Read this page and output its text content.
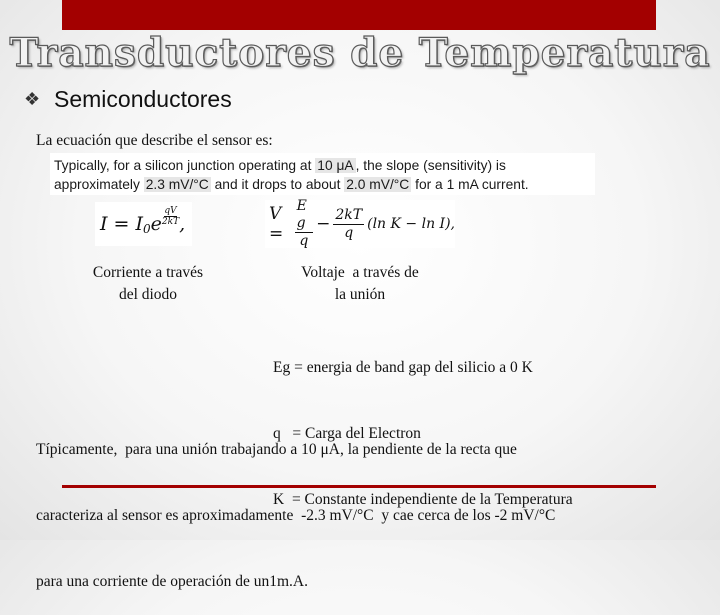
Transductores de Temperatura
❖ Semiconductores
La ecuación que describe el sensor es:
Typically, for a silicon junction operating at 10 μA , the slope (sensitivity) is
approximately 2.3 mV/°C and it drops to about 2.0 mV/°C for a 1 mA current.
I = I 0 e $\frac{qV}{2kT}$ ,	$V = \frac{\text{E g}}{q} - \frac{2kT}{q} (\ln$ K − ln I),
Corriente a través
del diodo
Voltaje  a través de
la unión

Eg = energia de band gap del silicio a 0 K

q   = Carga del Electron

K  = Constante independiente de la Temperatura

Típicamente,  para una unión trabajando a 10 μA, la pendiente de la recta que

caracteriza al sensor es aproximadamente  -2.3 mV/°C  y cae cerca de los -2 mV/°C

para una corriente de operación de un1m.A.
